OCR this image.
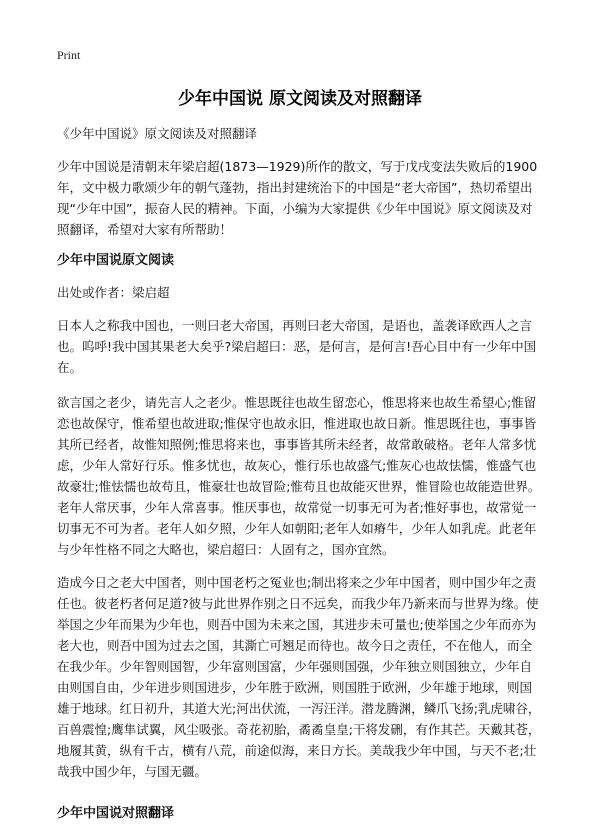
Print
少年中国说 原文阅读及对照翻译

《少年中国说》原文阅读及对照翻译

少年中国说是清朝末年梁启超(1873—1929)所作的散文，写于戊戌变法失败后的1900年，文中极力歌颂少年的朝气蓬勃，指出封建统治下的中国是“老大帝国”，热切希望出现“少年中国”，振奋人民的精神。下面，小编为大家提供《少年中国说》原文阅读及对照翻译，希望对大家有所帮助！

少年中国说原文阅读

出处或作者：梁启超

日本人之称我中国也，一则曰老大帝国，再则曰老大帝国，是语也，盖袭译欧西人之言也。呜呼!我中国其果老大矣乎?梁启超曰：恶，是何言，是何言!吾心目中有一少年中国在。

欲言国之老少，请先言人之老少。惟思既往也故生留恋心，惟思将来也故生希望心;惟留恋也故保守，惟希望也故进取;惟保守也故永旧，惟进取也故日新。惟思既往也，事事皆其所已经者，故惟知照例;惟思将来也，事事皆其所未经者，故常敢破格。老年人常多忧虑，少年人常好行乐。惟多忧也，故灰心，惟行乐也故盛气;惟灰心也故怯懦，惟盛气也故豪壮;惟怯懦也故苟且，惟豪壮也故冒险;惟苟且也故能灭世界，惟冒险也故能造世界。老年人常厌事，少年人常喜事。惟厌事也，故常觉一切事无可为者;惟好事也，故常觉一切事无不可为者。老年人如夕照，少年人如朝阳;老年人如瘠牛，少年人如乳虎。此老年与少年性格不同之大略也，梁启超曰：人固有之，国亦宜然。

造成今日之老大中国者，则中国老朽之冤业也;制出将来之少年中国者，则中国少年之责任也。彼老朽者何足道?彼与此世界作别之日不远矣，而我少年乃新来而与世界为缘。使举国之少年而果为少年也，则吾中国为未来之国，其进步未可量也;使举国之少年而亦为老大也，则吾中国为过去之国，其澌亡可翘足而待也。故今日之责任，不在他人，而全在我少年。少年智则国智，少年富则国富，少年强则国强，少年独立则国独立，少年自由则国自由，少年进步则国进步，少年胜于欧洲，则国胜于欧洲，少年雄于地球，则国雄于地球。红日初升，其道大光;河出伏流，一泻汪洋。潜龙腾渊，鳞爪飞扬;乳虎啸谷，百兽震惶;鹰隼试翼，风尘吸张。奇花初胎，矞矞皇皇;干将发硎，有作其芒。天戴其苍，地履其黄，纵有千古，横有八荒，前途似海，来日方长。美哉我少年中国，与天不老;壮哉我中国少年，与国无疆。

少年中国说对照翻译
